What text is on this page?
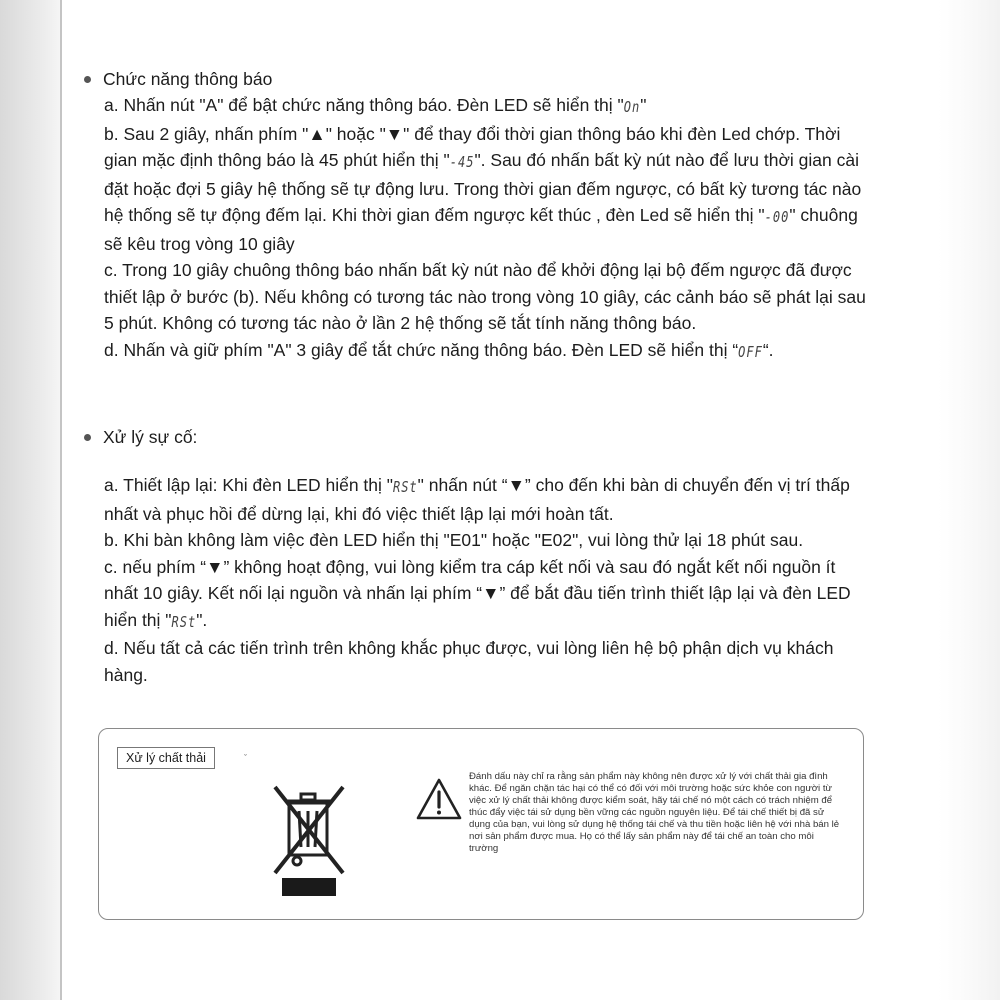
Chức năng thông báo

a. Nhấn nút "A" để bật chức năng thông báo. Đèn LED sẽ hiển thị "On"

b. Sau 2 giây, nhấn phím "▲" hoặc "▼" để thay đổi thời gian thông báo khi đèn Led chớp. Thời gian mặc định thông báo là 45 phút hiển thị "-45". Sau đó nhấn bất kỳ nút nào để lưu thời gian cài đặt hoặc đợi 5 giây hệ thống sẽ tự động lưu. Trong thời gian đếm ngược, có bất kỳ tương tác nào hệ thống sẽ tự động đếm lại. Khi thời gian đếm ngược kết thúc , đèn Led sẽ hiển thị "-00" chuông sẽ kêu trog vòng 10 giây

c. Trong 10 giây chuông thông báo nhấn bất kỳ nút nào để khởi động lại bộ đếm ngược đã được thiết lập ở bước (b). Nếu không có tương tác nào trong vòng 10 giây, các cảnh báo sẽ phát lại sau 5 phút. Không có tương tác nào ở lần 2 hệ thống sẽ tắt tính năng thông báo.

d. Nhấn và giữ phím "A" 3 giây để tắt chức năng thông báo. Đèn LED sẽ hiển thị “OFF“.

Xử lý sự cố:

a. Thiết lập lại: Khi đèn LED hiển thị "RSt" nhấn nút “▼” cho đến khi bàn di chuyển đến vị trí thấp nhất và phục hồi để dừng lại, khi đó việc thiết lập lại mới hoàn tất.

b. Khi bàn không làm việc đèn LED hiển thị "E01" hoặc "E02", vui lòng thử lại 18 phút sau.

c. nếu phím “▼” không hoạt động, vui lòng kiểm tra cáp kết nối và sau đó ngắt kết nối nguồn ít nhất 10 giây. Kết nối lại nguồn và nhấn lại phím “▼” để bắt đầu tiến trình thiết lập lại và đèn LED hiển thị "RSt".

d. Nếu tất cả các tiến trình trên không khắc phục được, vui lòng liên hệ bộ phận dịch vụ khách hàng.

Xử lý chất thải	ˇ
Đánh dấu này chỉ ra rằng sản phẩm này không nên được xử lý với chất thải gia đình khác. Để ngăn chặn tác hại có thể có đối với môi trường hoặc sức khỏe con người từ việc xử lý chất thải không được kiểm soát, hãy tái chế nó một cách có trách nhiệm để thúc đẩy việc tái sử dụng bền vững các nguồn nguyên liệu. Để tái chế thiết bị đã sử dụng của bạn, vui lòng sử dụng hệ thống tái chế và thu tiền hoặc liên hệ với nhà bán lẻ nơi sản phẩm được mua. Họ có thể lấy sản phẩm này để tái chế an toàn cho môi trường
